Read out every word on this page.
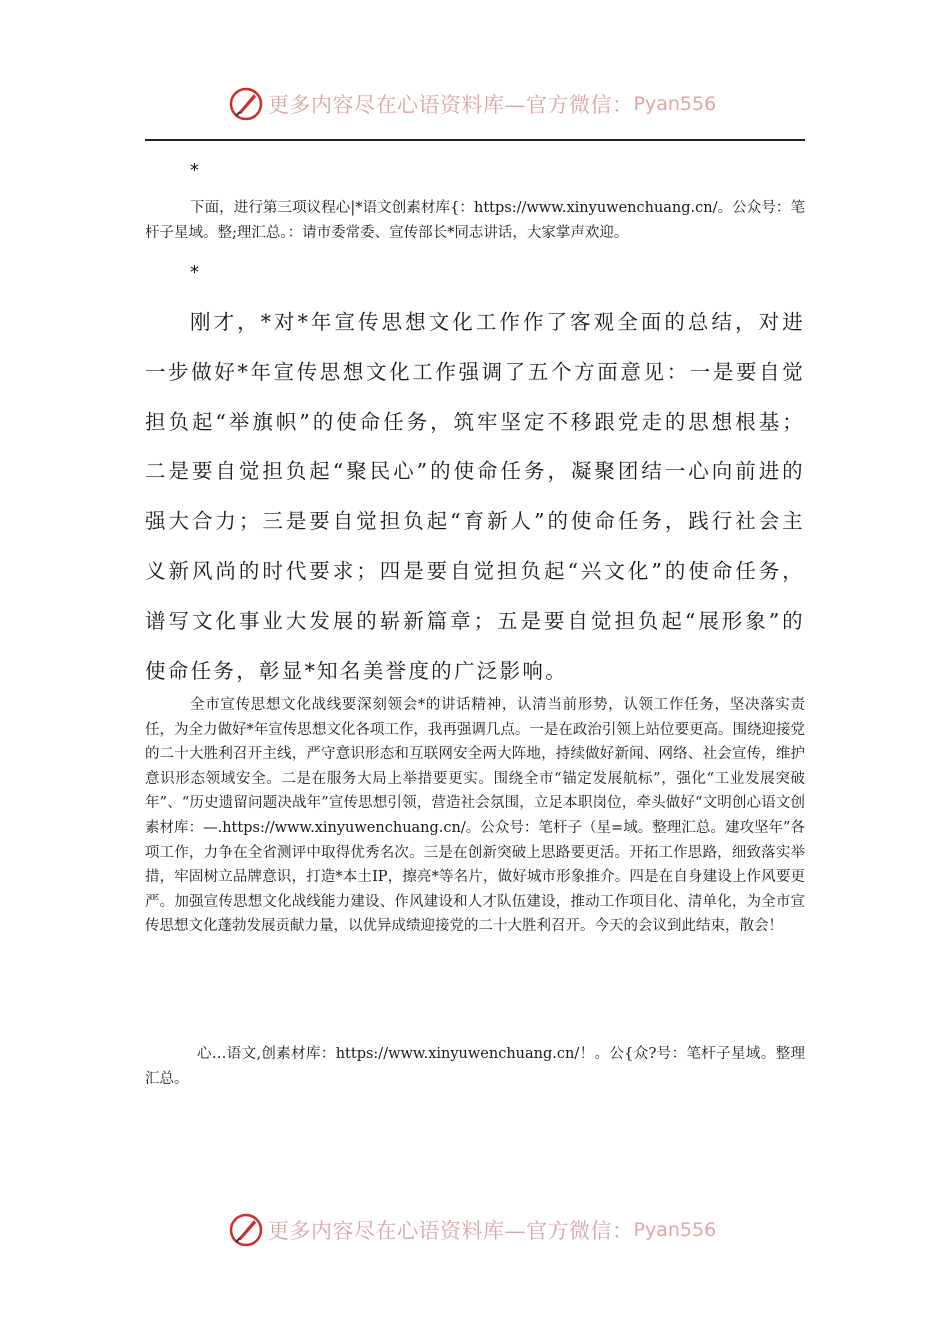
更多内容尽在心语资料库—官方微信： Pyan556
*

下面，进行第三项议程心|*语文创素材库{：https://www.xinyuwenchuang.cn/。公众号：笔杆子星域。整;理汇总。：请市委常委、宣传部长*同志讲话，大家掌声欢迎。

*

刚才，*对*年宣传思想文化工作作了客观全面的总结，对进一步做好*年宣传思想文化工作强调了五个方面意见：一是要自觉担负起“举旗帜”的使命任务，筑牢坚定不移跟党走的思想根基；二是要自觉担负起“聚民心”的使命任务，凝聚团结一心向前进的强大合力；三是要自觉担负起“育新人”的使命任务，践行社会主义新风尚的时代要求；四是要自觉担负起“兴文化”的使命任务，谱写文化事业大发展的崭新篇章；五是要自觉担负起“展形象”的使命任务，彰显*知名美誉度的广泛影响。

全市宣传思想文化战线要深刻领会*的讲话精神，认清当前形势，认领工作任务，坚决落实责任，为全力做好*年宣传思想文化各项工作，我再强调几点。一是在政治引领上站位要更高。围绕迎接党的二十大胜利召开主线，严守意识形态和互联网安全两大阵地，持续做好新闻、网络、社会宣传，维护意识形态领域安全。二是在服务大局上举措要更实。围绕全市“锚定发展航标”，强化“工业发展突破年”、“历史遗留问题决战年”宣传思想引领，营造社会氛围，立足本职岗位，牵头做好“文明创心语文创素材库：—.https://www.xinyuwenchuang.cn/。公众号：笔杆子（星=域。整理汇总。建攻坚年”各项工作，力争在全省测评中取得优秀名次。三是在创新突破上思路要更活。开拓工作思路，细致落实举措，牢固树立品牌意识，打造*本土IP，擦亮*等名片，做好城市形象推介。四是在自身建设上作风要更严。加强宣传思想文化战线能力建设、作风建设和人才队伍建设，推动工作项目化、清单化，为全市宣传思想文化蓬勃发展贡献力量，以优异成绩迎接党的二十大胜利召开。今天的会议到此结束，散会！

心…语文,创素材库：https://www.xinyuwenchuang.cn/！。公{众?号：笔杆子星域。整理汇总。

更多内容尽在心语资料库—官方微信： Pyan556
